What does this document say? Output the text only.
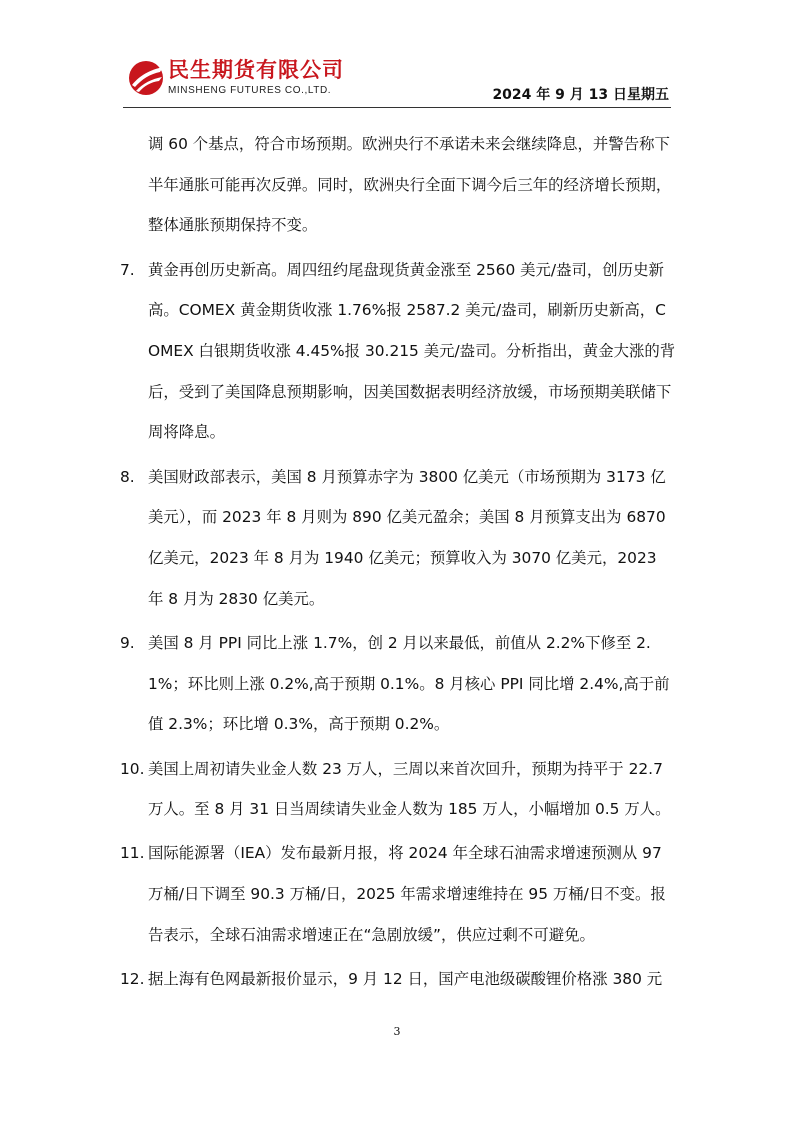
民生期货有限公司
MINSHENG FUTURES CO.,LTD.	2024 年 9 月 13 日星期五

调 60 个基点，符合市场预期。欧洲央行不承诺未来会继续降息，并警告称下半年通胀可能再次反弹。同时，欧洲央行全面下调今后三年的经济增长预期，整体通胀预期保持不变。

7. 黄金再创历史新高。周四纽约尾盘现货黄金涨至 2560 美元/盎司，创历史新高。COMEX 黄金期货收涨 1.76%报 2587.2 美元/盎司，刷新历史新高，COMEX 白银期货收涨 4.45%报 30.215 美元/盎司。分析指出，黄金大涨的背后，受到了美国降息预期影响，因美国数据表明经济放缓，市场预期美联储下周将降息。

8. 美国财政部表示，美国 8 月预算赤字为 3800 亿美元（市场预期为 3173 亿美元），而 2023 年 8 月则为 890 亿美元盈余；美国 8 月预算支出为 6870 亿美元，2023 年 8 月为 1940 亿美元；预算收入为 3070 亿美元，2023 年 8 月为 2830 亿美元。

9. 美国 8 月 PPI 同比上涨 1.7%，创 2 月以来最低，前值从 2.2%下修至 2.1%；环比则上涨 0.2%,高于预期 0.1%。8 月核心 PPI 同比增 2.4%,高于前值 2.3%；环比增 0.3%，高于预期 0.2%。

10. 美国上周初请失业金人数 23 万人，三周以来首次回升，预期为持平于 22.7 万人。至 8 月 31 日当周续请失业金人数为 185 万人，小幅增加 0.5 万人。

11. 国际能源署（IEA）发布最新月报，将 2024 年全球石油需求增速预测从 97 万桶/日下调至 90.3 万桶/日，2025 年需求增速维持在 95 万桶/日不变。报告表示，全球石油需求增速正在“急剧放缓”，供应过剩不可避免。

12. 据上海有色网最新报价显示，9 月 12 日，国产电池级碳酸锂价格涨 380 元

3
